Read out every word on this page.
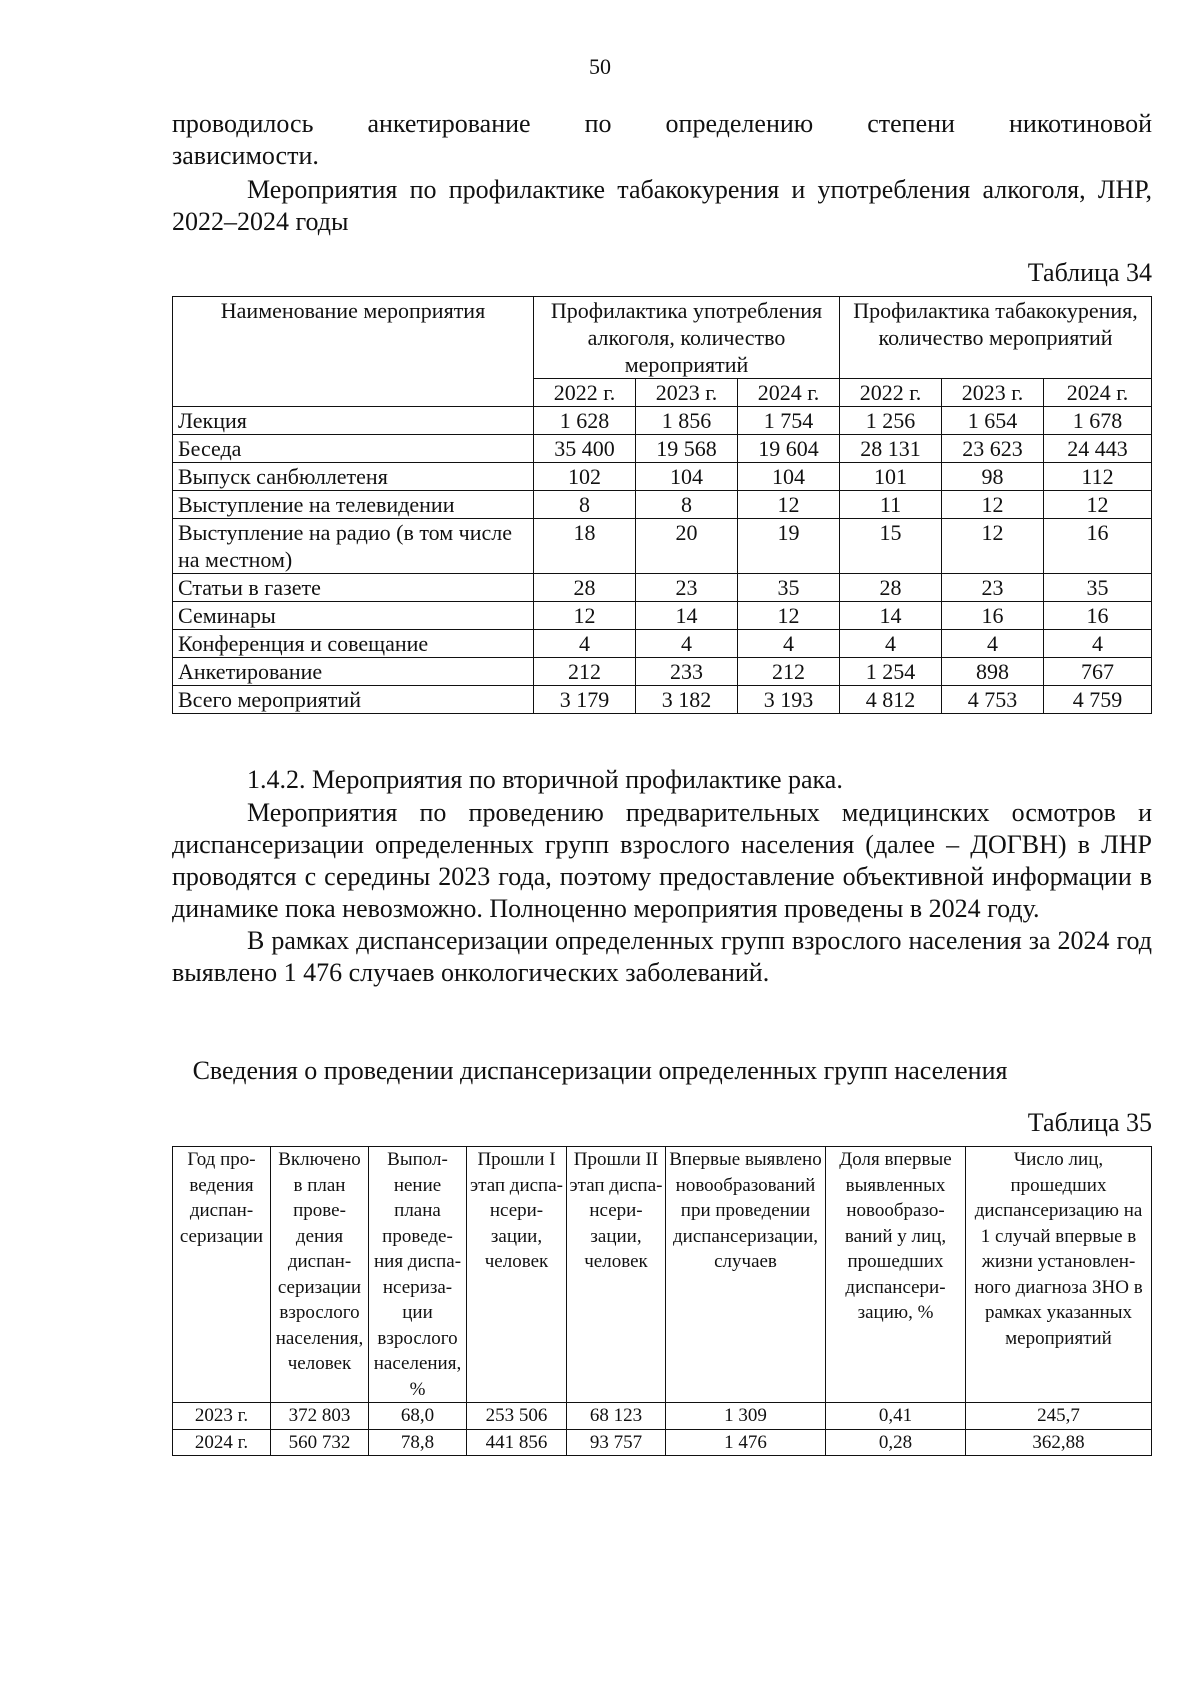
50

проводилось анкетирование по определению степени никотиновой

зависимости.

Мероприятия по профилактике табакокурения и употребления алкоголя, ЛНР, 2022–2024 годы

Таблица 34
Наименование мероприятия	Профилактика употребления алкоголя, количество мероприятий			Профилактика табакокурения, количество мероприятий		
	2022 г.	2023 г.	2024 г.	2022 г.	2023 г.	2024 г.
Лекция	1 628	1 856	1 754	1 256	1 654	1 678
Беседа	35 400	19 568	19 604	28 131	23 623	24 443
Выпуск санбюллетеня	102	104	104	101	98	112
Выступление на телевидении	8	8	12	11	12	12
Выступление на радио (в том числе на местном)	18	20	19	15	12	16
Статьи в газете	28	23	35	28	23	35
Семинары	12	14	12	14	16	16
Конференция и совещание	4	4	4	4	4	4
Анкетирование	212	233	212	1 254	898	767
Всего мероприятий	3 179	3 182	3 193	4 812	4 753	4 759
1.4.2. Мероприятия по вторичной профилактике рака.

Мероприятия по проведению предварительных медицинских осмотров и диспансеризации определенных групп взрослого населения (далее – ДОГВН) в ЛНР проводятся с середины 2023 года, поэтому предоставление объективной информации в динамике пока невозможно. Полноценно мероприятия проведены в 2024 году.

В рамках диспансеризации определенных групп взрослого населения за 2024 год выявлено 1 476 случаев онкологических заболеваний.

Сведения о проведении диспансеризации определенных групп населения
Таблица 35
Год проведения диспансеризации	Включено в план проведения диспансеризации взрослого населения, человек	Выполнение плана проведения диспансеризации взрослого населения, %	Прошли I этап диспансеризации, человек	Прошли II этап диспансеризации, человек	Впервые выявлено новообразований при проведении диспансеризации, случаев	Доля впервые выявленных новообразований у лиц, прошедших диспансеризацию, %	Число лиц, прошедших диспансеризацию на 1 случай впервые в жизни установленного диагноза ЗНО в рамках указанных мероприятий
2023 г.	372 803	68,0	253 506	68 123	1 309	0,41	245,7
2024 г.	560 732	78,8	441 856	93 757	1 476	0,28	362,88
